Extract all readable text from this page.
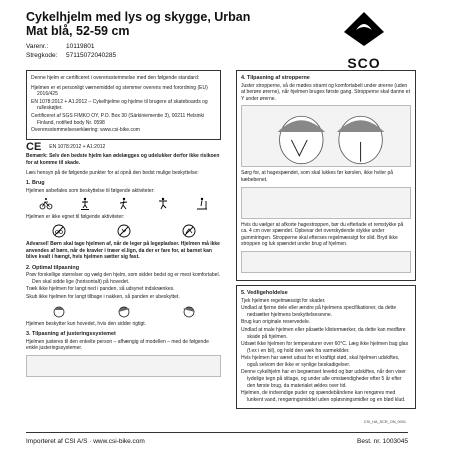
Cykelhjelm med lys og skygge, Urban
Mat blå, 52-59 cm
Varenr.:	10119801
Stregkode:	5711507204028​5	SCO
Denne hjelm er certificeret i overensstemmelse med den følgende standard:
Hjelmen er et personligt værnemiddel og stemmer overens med forordning (EU) 2016/425
EN 1078:2012 + A1:2012 – Cykelhjelme og hjelme til brugere af skateboards og rulleskøjter.
Certificeret af SGS FIMKO OY, P.O. Box 30 (Särkiniementie 3), 00211 Helsinki Finland, notified body Nr. 0598
Overensstemmelseserklæring: www.csi-bike.com
CE EN 1078:2012 + A1:2012
Bemærk: Selv den bedste hjelm kan ødelægges og udelukker derfor ikke risikoen for at komme til skade.
Læs hensyn på de følgende punkter for at opnå den bedst mulige beskyttelse:
1. Brug
Hjelmen anbefales som beskyttelse til følgende aktiviteter:
Hjelmen er ikke egnet til følgende aktiviteter:
Advarsel! Børn skal tage hjelmen af, når de leger på legepladser. Hjelmen må ikke anvendes af børn, når de kravler i træer el.lign, da der er fare for, at barnet kan blive kvalt i hængt, hvis hjelmen sætter sig fast.
2. Optimal tilpasning
Prøv forskellige størrelser og vælg den hjelm, som sidder bedst og er mest komfortabel. Den skal sidde lige (horisontalt) på hovedet.
Træk ikke hjelmen for langt ned i panden, så udsynet indskrænkes.
Skub ikke hjelmen for langt tilbage i nakken, så panden er ubeskyttet.
Hjelmen beskytter kun hovedet, hvis den sidder rigtigt.
3. Tilpasning af justeringssystemet
Hjelmen justeres til den enkelte person – afhængig af modellen – med de følgende enkle justeringssystemer.
4. Tilpasning af stropperne
Juster stropperne, så de mødes stramt og komfortabelt under ørerne (uden at berøre ørerne), når hjelmen bruges første gang. Stropperne skal danne et Y under ørerne.
Sørg for, at hagespændet, som skal lukkes før kørslen, ikke hviler på kæbebenet.
Hvis du vælger at afkorte hagestroppen, bør du efterlade et remstykke på ca. 4 cm over spændet. Opbevar det overskydende stykke under gummiringen. Stropperne skal efterses regelmæssigt for slid. Bryd ikke stroppen og luk spændet under brug af hjelmen.
5. Vedligeholdelse
Tjek hjelmen regelmæssigt for skader.
Undlad at fjerne dele eller ændre på hjelmens specifikationer, da dette nedsætter hjelmens beskyttelsesevne.
Brug kun originale reservedele.
Undlad at male hjelmen eller påsætte klistermærker, da dette kan medføre skade på hjelmen.
Udsæt ikke hjelmen for temperaturer over 60°C. Læg ikke hjelmen bag glas (f.ex i en bil), og hold den væk fra varmekilder.
Hvis hjelmen har været udsat for et kraftigt stød, skal hjelmen udskiftes, også selvom der ikke er synlige beskadigelser.
Denne cykelhjelm har en begrænset levetid og bør udskiftes, når den viser tydelige tegn på slitage, og under alle omstændigheder efter 5 år efter den første brug, da materialet ældes over tid.
Hjelmen, de indvendige puder og spændebåndene kan rengøres med lunkent vand, rengøringsmiddel uden opløsningsmidler og en blød klud.
CSI_HA_SCR_ON_0001
Importeret af CSI A/S · www.csi-bike.com	Best. nr. 1003045
